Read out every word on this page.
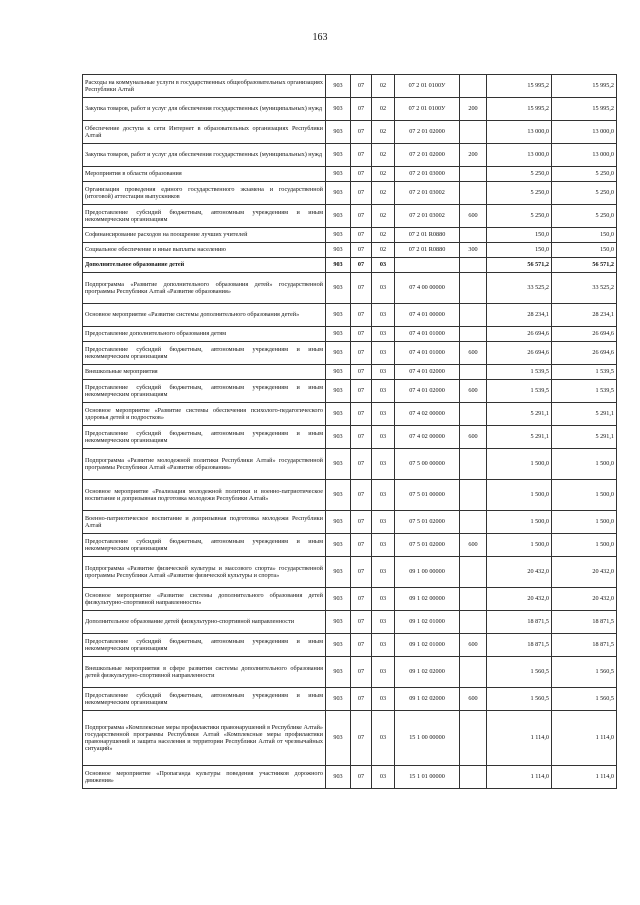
163
Расходы на коммунальные услуги в государственных общеобразовательных организациях Республики Алтай	903	07	02	07 2 01 0100У		15 995,2	15 995,2
Закупка товаров, работ и услуг для обеспечения государственных (муниципальных) нужд	903	07	02	07 2 01 0100У	200	15 995,2	15 995,2
Обеспечение доступа к сети Интернет в образовательных организациях Республики Алтай	903	07	02	07 2 01 02000		13 000,0	13 000,0
Закупка товаров, работ и услуг для обеспечения государственных (муниципальных) нужд	903	07	02	07 2 01 02000	200	13 000,0	13 000,0
Мероприятия в области образования	903	07	02	07 2 01 03000		5 250,0	5 250,0
Организация проведения единого государственного экзамена и государственной (итоговой) аттестации выпускников	903	07	02	07 2 01 03002		5 250,0	5 250,0
Предоставление субсидий бюджетным, автономным учреждениям и иным некоммерческим организациям	903	07	02	07 2 01 03002	600	5 250,0	5 250,0
Софинансирование расходов на поощрение лучших учителей	903	07	02	07 2 01 R0880		150,0	150,0
Социальное обеспечение и иные выплаты населению	903	07	02	07 2 01 R0880	300	150,0	150,0
Дополнительное образование детей	903	07	03			56 571,2	56 571,2
Подпрограмма «Развитие дополнительного образования детей» государственной программы Республики Алтай «Развитие образования»	903	07	03	07 4 00 00000		33 525,2	33 525,2
Основное мероприятие «Развитие системы дополнительного образования детей»	903	07	03	07 4 01 00000		28 234,1	28 234,1
Предоставление дополнительного образования детям	903	07	03	07 4 01 01000		26 694,6	26 694,6
Предоставление субсидий бюджетным, автономным учреждениям и иным некоммерческим организациям	903	07	03	07 4 01 01000	600	26 694,6	26 694,6
Внешкольные мероприятия	903	07	03	07 4 01 02000		1 539,5	1 539,5
Предоставление субсидий бюджетным, автономным учреждениям и иным некоммерческим организациям	903	07	03	07 4 01 02000	600	1 539,5	1 539,5
Основное мероприятие «Развитие системы обеспечения психолого-педагогического здоровья детей и подростков»	903	07	03	07 4 02 00000		5 291,1	5 291,1
Предоставление субсидий бюджетным, автономным учреждениям и иным некоммерческим организациям	903	07	03	07 4 02 00000	600	5 291,1	5 291,1
Подпрограмма «Развитие молодежной политики Республики Алтай» государственной программы Республики Алтай «Развитие образования»	903	07	03	07 5 00 00000		1 500,0	1 500,0
Основное мероприятие «Реализация молодежной политики и военно-патриотическое воспитание и допризывная подготовка молодежи Республики Алтай»	903	07	03	07 5 01 00000		1 500,0	1 500,0
Военно-патриотическое воспитание и допризывная подготовка молодежи Республики Алтай	903	07	03	07 5 01 02000		1 500,0	1 500,0
Предоставление субсидий бюджетным, автономным учреждениям и иным некоммерческим организациям	903	07	03	07 5 01 02000	600	1 500,0	1 500,0
Подпрограмма «Развитие физической культуры и массового спорта» государственной программы Республики Алтай «Развитие физической культуры и спорта»	903	07	03	09 1 00 00000		20 432,0	20 432,0
Основное мероприятие «Развитие системы дополнительного образования детей физкультурно-спортивной направленности»	903	07	03	09 1 02 00000		20 432,0	20 432,0
Дополнительное образование детей физкультурно-спортивной направленности	903	07	03	09 1 02 01000		18 871,5	18 871,5
Предоставление субсидий бюджетным, автономным учреждениям и иным некоммерческим организациям	903	07	03	09 1 02 01000	600	18 871,5	18 871,5
Внешкольные мероприятия в сфере развития системы дополнительного образования детей физкультурно-спортивной направленности	903	07	03	09 1 02 02000		1 560,5	1 560,5
Предоставление субсидий бюджетным, автономным учреждениям и иным некоммерческим организациям	903	07	03	09 1 02 02000	600	1 560,5	1 560,5
Подпрограмма «Комплексные меры профилактики правонарушений в Республике Алтай» государственной программы Республики Алтай «Комплексные меры профилактики правонарушений и защита населения и территории Республики Алтай от чрезвычайных ситуаций»	903	07	03	15 1 00 00000		1 114,0	1 114,0
Основное мероприятие «Пропаганда культуры поведения участников дорожного движения»	903	07	03	15 1 01 00000		1 114,0	1 114,0
